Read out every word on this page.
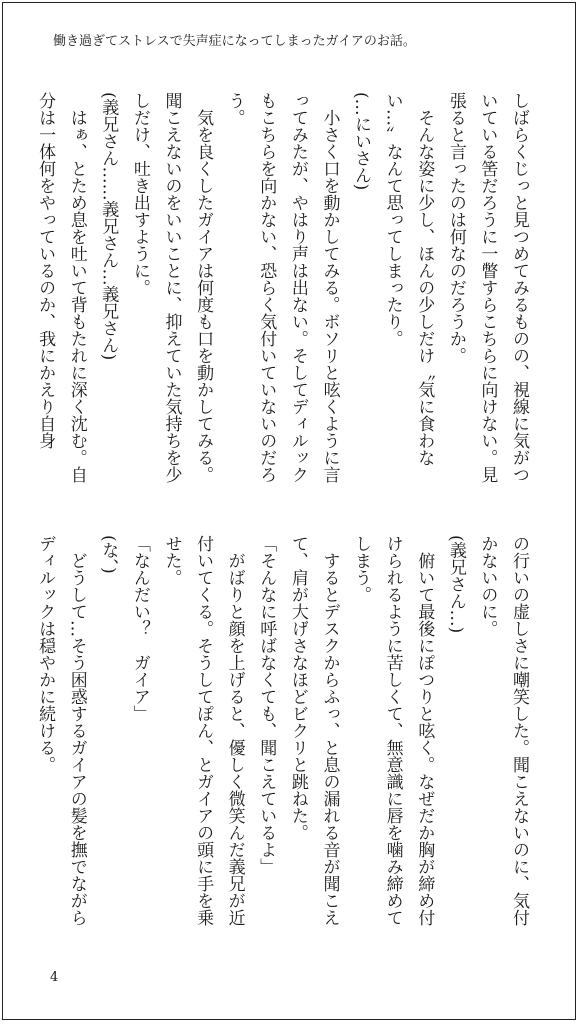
働き過ぎてストレスで失声症になってしまったガイアのお話。
しばらくじっと見つめてみるものの、視線に気がついている筈だろうに一瞥すらこちらに向けない。見張ると言ったのは何なのだろうか。
　そんな姿に少し、ほんの少しだけ〝気に食わない…〟なんて思ってしまったり。
(…にいさん)
　小さく口を動かしてみる。ボソリと呟くように言ってみたが、やはり声は出ない。そしてディルックもこちらを向かない、恐らく気付いていないのだろう。
　気を良くしたガイアは何度も口を動かしてみる。聞こえないのをいいことに、抑えていた気持ちを少しだけ、吐き出すように。
(義兄さん……義兄さん…義兄さん)
　はぁ、とため息を吐いて背もたれに深く沈む。自分は一体何をやっているのか、我にかえり自身
の行いの虚しさに嘲笑した。聞こえないのに、気付かないのに。
(義兄さん…)
　俯いて最後にぽつりと呟く。なぜだか胸が締め付けられるように苦しくて、無意識に唇を噛み締めてしまう。
　するとデスクからふっ、と息の漏れる音が聞こえて、肩が大げさなほどビクリと跳ねた。
「そんなに呼ばなくても、聞こえているよ」
　がばりと顔を上げると、優しく微笑んだ義兄が近付いてくる。そうしてぽん、とガイアの頭に手を乗せた。
「なんだい？　ガイア」
(な、)
　どうして…そう困惑するガイアの髪を撫でながらディルックは穏やかに続ける。
4
